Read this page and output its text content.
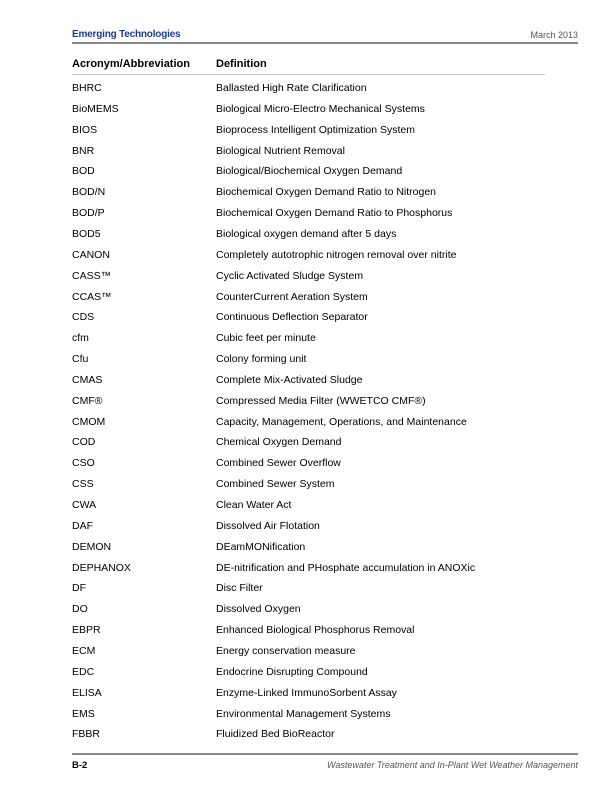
Emerging Technologies	March 2013
Acronym/Abbreviation Definition
BHRC	Ballasted High Rate Clarification
BioMEMS	Biological Micro-Electro Mechanical Systems
BIOS	Bioprocess Intelligent Optimization System
BNR	Biological Nutrient Removal
BOD	Biological/Biochemical Oxygen Demand
BOD/N	Biochemical Oxygen Demand Ratio to Nitrogen
BOD/P	Biochemical Oxygen Demand Ratio to Phosphorus
BOD5	Biological oxygen demand after 5 days
CANON	Completely autotrophic nitrogen removal over nitrite
CASS™	Cyclic Activated Sludge System
CCAS™	CounterCurrent Aeration System
CDS	Continuous Deflection Separator
cfm	Cubic feet per minute
Cfu	Colony forming unit
CMAS	Complete Mix-Activated Sludge
CMF®	Compressed Media Filter (WWETCO CMF®)
CMOM	Capacity, Management, Operations, and Maintenance
COD	Chemical Oxygen Demand
CSO	Combined Sewer Overflow
CSS	Combined Sewer System
CWA	Clean Water Act
DAF	Dissolved Air Flotation
DEMON	DEamMONification
DEPHANOX	DE-nitrification and PHosphate accumulation in ANOXic
DF	Disc Filter
DO	Dissolved Oxygen
EBPR	Enhanced Biological Phosphorus Removal
ECM	Energy conservation measure
EDC	Endocrine Disrupting Compound
ELISA	Enzyme-Linked ImmunoSorbent Assay
EMS	Environmental Management Systems
FBBR	Fluidized Bed BioReactor
B-2	Wastewater Treatment and In-Plant Wet Weather Management
